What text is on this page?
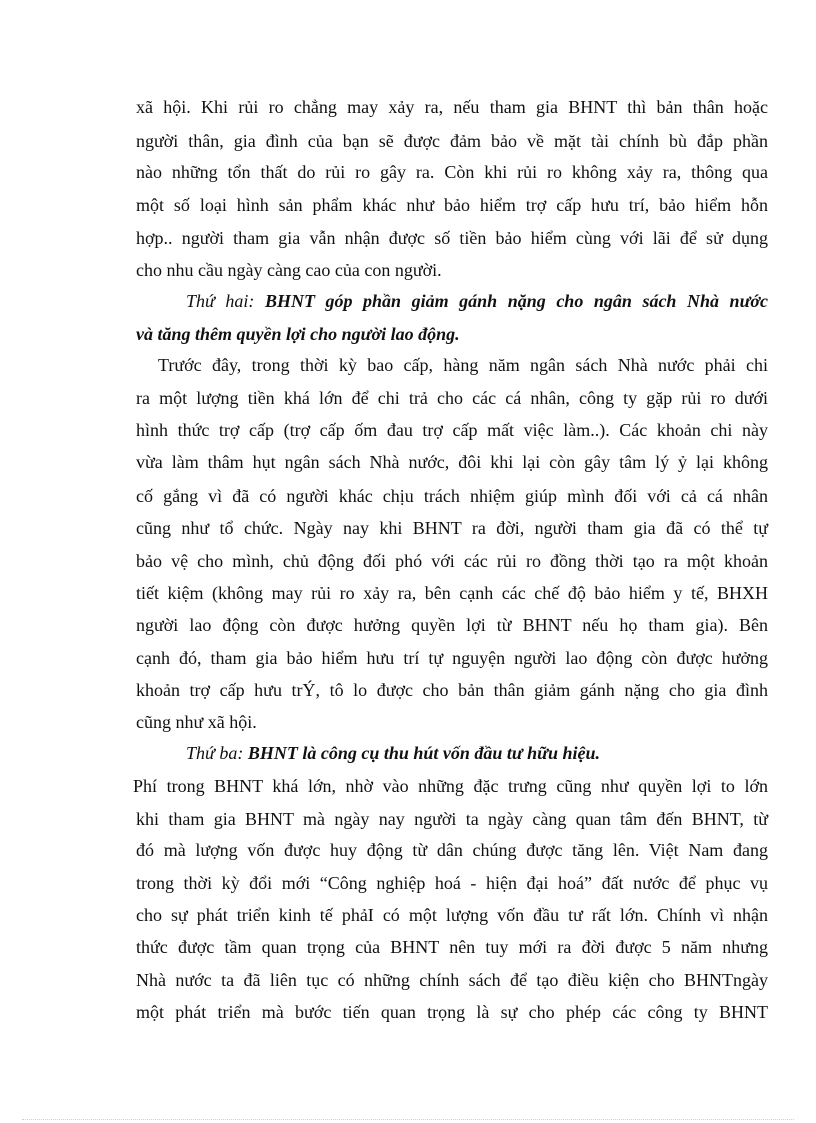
xã hội. Khi rủi ro chẳng may xảy ra, nếu tham gia BHNT thì bản thân hoặc
người thân, gia đình của bạn sẽ được đảm bảo về mặt tài chính bù đắp phần
nào những tổn thất do rủi ro gây ra. Còn khi rủi ro không xảy ra, thông qua
một số loại hình sản phẩm khác như bảo hiểm trợ cấp hưu trí, bảo hiểm hỗn
hợp.. người tham gia vẫn nhận được số tiền bảo hiểm cùng với lãi để sử dụng
cho nhu cầu ngày càng cao của con người.
Thứ hai: BHNT góp phần giảm gánh nặng cho ngân sách Nhà nước
và tăng thêm quyền lợi cho người lao động.
Trước đây, trong thời kỳ bao cấp, hàng năm ngân sách Nhà nước phải chi
ra một lượng tiền khá lớn để chi trả cho các cá nhân, công ty gặp rủi ro dưới
hình thức trợ cấp (trợ cấp ốm đau trợ cấp mất việc làm..). Các khoản chi này
vừa làm thâm hụt ngân sách Nhà nước, đôi khi lại còn gây tâm lý ỷ lại không
cố gắng vì đã có người khác chịu trách nhiệm giúp mình đối với cả cá nhân
cũng như tổ chức. Ngày nay khi BHNT ra đời, người tham gia đã có thể tự
bảo vệ cho mình, chủ động đối phó với các rủi ro đồng thời tạo ra một khoản
tiết kiệm (không may rủi ro xảy ra, bên cạnh các chế độ bảo hiểm y tế, BHXH
người lao động còn được hưởng quyền lợi từ BHNT nếu họ tham gia). Bên
cạnh đó, tham gia bảo hiểm hưu trí tự nguyện người lao động còn được hưởng
khoản trợ cấp hưu trÝ, tô lo được cho bản thân giảm gánh nặng cho gia đình
cũng như xã hội.
Thứ ba: BHNT là công cụ thu hút vốn đầu tư hữu hiệu.
Phí trong BHNT khá lớn, nhờ vào những đặc trưng cũng như quyền lợi to lớn
khi tham gia BHNT mà ngày nay người ta ngày càng quan tâm đến BHNT, từ
đó mà lượng vốn được huy động từ dân chúng được tăng lên. Việt Nam đang
trong thời kỳ đổi mới “Công nghiệp hoá - hiện đại hoá” đất nước để phục vụ
cho sự phát triển kinh tế phảI có một lượng vốn đầu tư rất lớn. Chính vì nhận
thức được tầm quan trọng của BHNT nên tuy mới ra đời được 5 năm nhưng
Nhà nước ta đã liên tục có những chính sách để tạo điều kiện cho BHNTngày
một phát triển mà bước tiến quan trọng là sự cho phép các công ty BHNT
